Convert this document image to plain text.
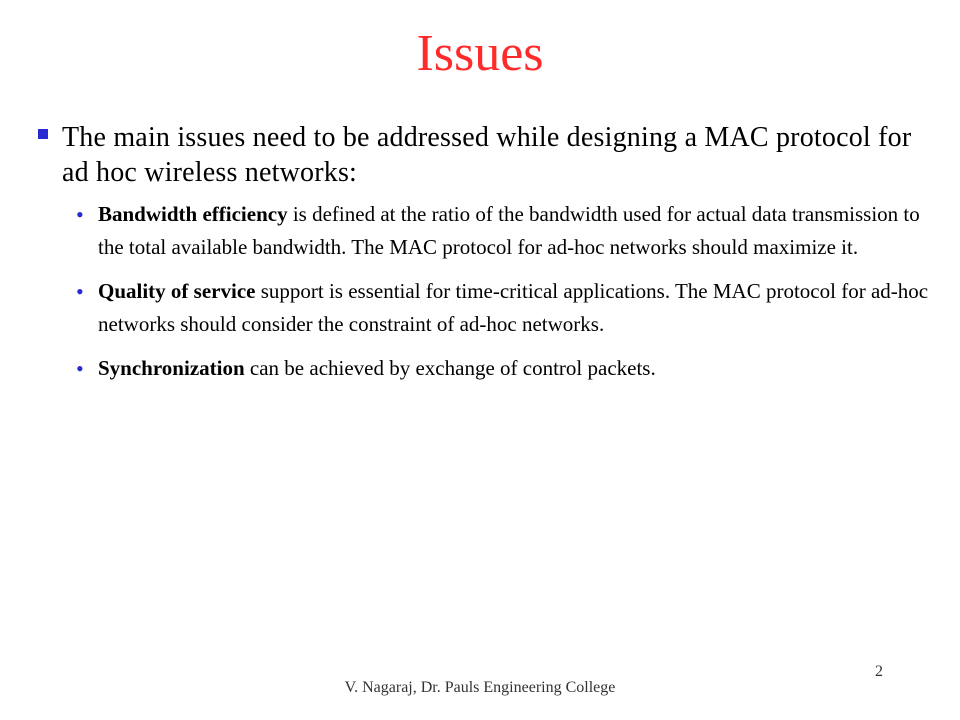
Issues
The main issues need to be addressed while designing a MAC protocol for ad hoc wireless networks:
• Bandwidth efficiency is defined at the ratio of the bandwidth used for actual data transmission to the total available bandwidth. The MAC protocol for ad-hoc networks should maximize it.
• Quality of service support is essential for time-critical applications. The MAC protocol for ad-hoc networks should consider the constraint of ad-hoc networks.
• Synchronization can be achieved by exchange of control packets.
2
V. Nagaraj, Dr. Pauls Engineering College
